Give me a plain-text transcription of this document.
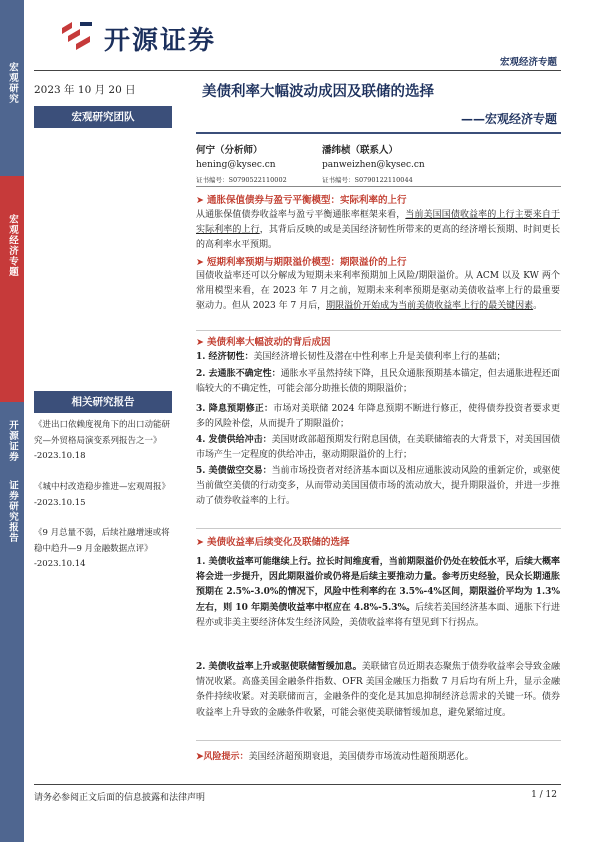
宏观研究
宏观经济专题
开源证券
证券研究报告
开源证券
宏观经济专题
2023 年 10 月 20 日
宏观研究团队
美债利率大幅波动成因及联储的选择
——宏观经济专题
何宁（分析师）
hening@kysec.cn
证书编号：S0790522110002
潘纬桢（联系人）
panweizhen@kysec.cn
证书编号：S0790122110044
➤ 通胀保值债券与盈亏平衡模型：实际利率的上行
从通胀保值债券收益率与盈亏平衡通胀率框架来看，当前美国国债收益率的上行主要来自于实际利率的上行，其背后反映的或是美国经济韧性所带来的更高的经济增长预期、时间更长的高利率水平预期。
➤ 短期利率预期与期限溢价模型：期限溢价的上行
国债收益率还可以分解成为短期未来利率预期加上风险/期限溢价。从 ACM 以及 KW 两个常用模型来看，在 2023 年 7 月之前，短期未来利率预期是驱动美债收益率上行的最重要驱动力。但从 2023 年 7 月后，期限溢价开始成为当前美债收益率上行的最关键因素。
➤ 美债利率大幅波动的背后成因
1. 经济韧性：美国经济增长韧性及潜在中性利率上升是美债利率上行的基础；
2. 去通胀不确定性：通胀水平虽然持续下降，且民众通胀预期基本锚定，但去通胀进程还面临较大的不确定性，可能会部分助推长债的期限溢价；
3. 降息预期修正：市场对美联储 2024 年降息预期不断进行修正，使得债券投资者要求更多的风险补偿，从而提升了期限溢价；
4. 发债供给冲击：美国财政部超预期发行附息国债，在美联储缩表的大背景下，对美国国债市场产生一定程度的供给冲击，驱动期限溢价的上行；
5. 美债做空交易：当前市场投资者对经济基本面以及相应通胀波动风险的重新定价，或驱使当前做空美债的行动变多，从而带动美国国债市场的流动放大，提升期限溢价，并进一步推动了债券收益率的上行。
➤ 美债收益率后续变化及联储的选择
1. 美债收益率可能继续上行。拉长时间维度看，当前期限溢价仍处在较低水平，后续大概率将会进一步提升，因此期限溢价或仍将是后续主要推动力量。参考历史经验，民众长期通胀预期在 2.5%-3.0%的情况下，风险中性利率约在 3.5%-4%区间，期限溢价平均为 1.3%左右，则 10 年期美债收益率中枢应在 4.8%-5.3%。后续若美国经济基本面、通胀下行进程亦或非美主要经济体发生经济风险，美债收益率将有望见到下行拐点。
2. 美债收益率上升或驱使联储暂缓加息。美联储官员近期表态聚焦于债券收益率会导致金融情况收紧。高盛美国金融条件指数、OFR 美国金融压力指数 7 月后均有所上升，显示金融条件持续收紧。对美联储而言，金融条件的变化是其加息抑制经济总需求的关键一环。债券收益率上升导致的金融条件收紧，可能会驱使美联储暂缓加息，避免紧缩过度。
➤风险提示：美国经济超预期衰退，美国债券市场流动性超预期恶化。
相关研究报告
《进出口依赖度视角下的出口动能研究—外贸格局演变系列报告之一》
-2023.10.18
《城中村改造稳步推进—宏观周报》
-2023.10.15
《9 月总量不弱，后续社融增速或将稳中趋升—9 月金融数据点评》
-2023.10.14
请务必参阅正文后面的信息披露和法律声明	1 / 12
